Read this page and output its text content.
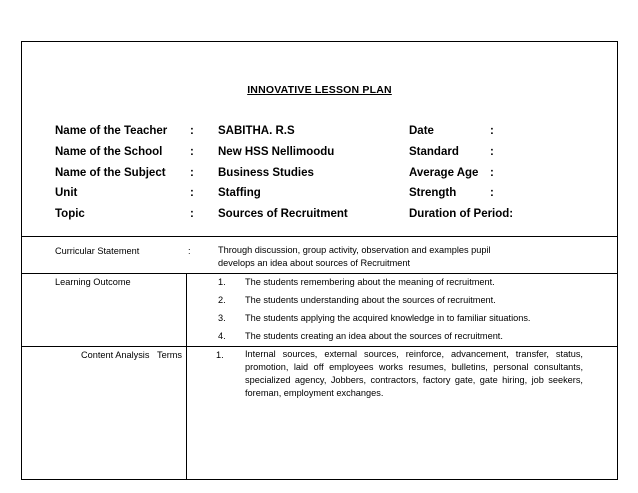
INNOVATIVE LESSON PLAN
Name of the Teacher : SABITHA. R.S	Date	:
Name of the School : New HSS Nellimoodu	Standard	:
Name of the Subject : Business Studies	Average Age :
Unit	: Staffing	Strength	:
Topic	: Sources of Recruitment	Duration of Period:
Curricular Statement	:	Through discussion, group activity, observation and examples pupil develops an idea about sources of Recruitment
Learning Outcome	1. The students remembering about the meaning of recruitment.
2. The students understanding about the sources of recruitment.
3. The students applying the acquired knowledge in to familiar situations.
4. The students creating an idea about the sources of recruitment.
Content Analysis Terms	1. Internal sources, external sources, reinforce, advancement, transfer, status, promotion, laid off employees works resumes, bulletins, personal consultants, specialized agency, Jobbers, contractors, factory gate, gate hiring, job seekers, foreman, employment exchanges.
